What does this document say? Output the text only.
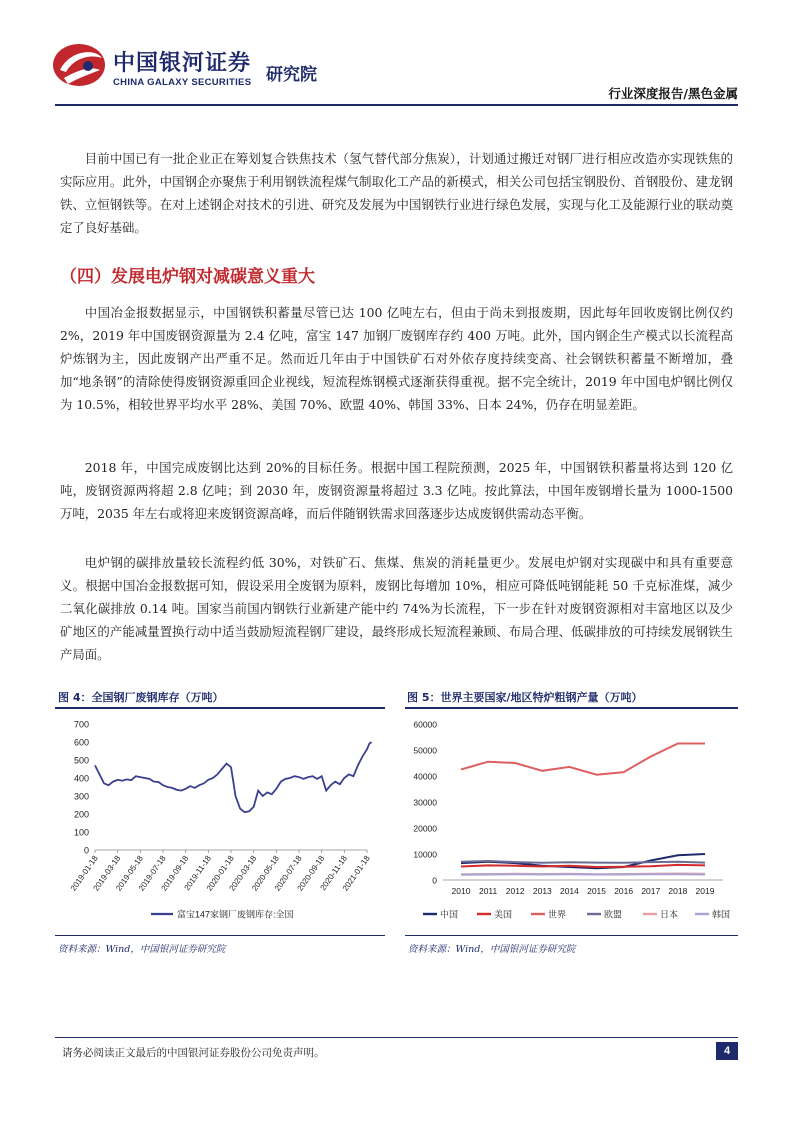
中国银河证券
CHINA GALAXY SECURITIES 研究院
行业深度报告/黑色金属

目前中国已有一批企业正在筹划复合铁焦技术（氢气替代部分焦炭），计划通过搬迁对钢厂进行相应改造亦实现铁焦的实际应用。此外，中国钢企亦聚焦于利用钢铁流程煤气制取化工产品的新模式，相关公司包括宝钢股份、首钢股份、建龙钢铁、立恒钢铁等。在对上述钢企对技术的引进、研究及发展为中国钢铁行业进行绿色发展，实现与化工及能源行业的联动奠定了良好基础。

（四）发展电炉钢对减碳意义重大

中国冶金报数据显示，中国钢铁积蓄量尽管已达 100 亿吨左右，但由于尚未到报废期，因此每年回收废钢比例仅约 2%，2019 年中国废钢资源量为 2.4 亿吨，富宝 147 加钢厂废钢库存约 400 万吨。此外，国内钢企生产模式以长流程高炉炼钢为主，因此废钢产出严重不足。然而近几年由于中国铁矿石对外依存度持续变高、社会钢铁积蓄量不断增加，叠加“地条钢”的清除使得废钢资源重回企业视线，短流程炼钢模式逐渐获得重视。据不完全统计，2019 年中国电炉钢比例仅为 10.5%，相较世界平均水平 28%、美国 70%、欧盟 40%、韩国 33%、日本 24%，仍存在明显差距。

2018 年，中国完成废钢比达到 20%的目标任务。根据中国工程院预测，2025 年，中国钢铁积蓄量将达到 120 亿吨，废钢资源两将超 2.8 亿吨；到 2030 年，废钢资源量将超过 3.3 亿吨。按此算法，中国年废钢增长量为 1000-1500 万吨，2035 年左右或将迎来废钢资源高峰，而后伴随钢铁需求回落逐步达成废钢供需动态平衡。

电炉钢的碳排放量较长流程约低 30%，对铁矿石、焦煤、焦炭的消耗量更少。发展电炉钢对实现碳中和具有重要意义。根据中国冶金报数据可知，假设采用全废钢为原料，废钢比每增加 10%，相应可降低吨钢能耗 50 千克标准煤，减少二氧化碳排放 0.14 吨。国家当前国内钢铁行业新建产能中约 74%为长流程，下一步在针对废钢资源相对丰富地区以及少矿地区的产能减量置换行动中适当鼓励短流程钢厂建设，最终形成长短流程兼顾、布局合理、低碳排放的可持续发展钢铁生产局面。

图 4：全国钢厂废钢库存（万吨）
0
100
200
300
400
500
600
700
2019-01-18
2019-03-18
2019-05-18
2019-07-18
2019-09-18
2019-11-18
2020-01-18
2020-03-18
2020-05-18
2020-07-18
2020-09-18
2020-11-18
2021-01-18
富宝147家钢厂废钢库存:全国
资料来源：Wind，中国银河证券研究院
图 5：世界主要国家/地区特炉粗钢产量（万吨）
0
10000
20000
30000
40000
50000
60000
2010 2011 2012 2013 2014 2015 2016 2017 2018 2019
中国	美国	世界	欧盟	日本	韩国
资料来源：Wind，中国银河证券研究院
请务必阅读正文最后的中国银河证券股份公司免责声明。	4
